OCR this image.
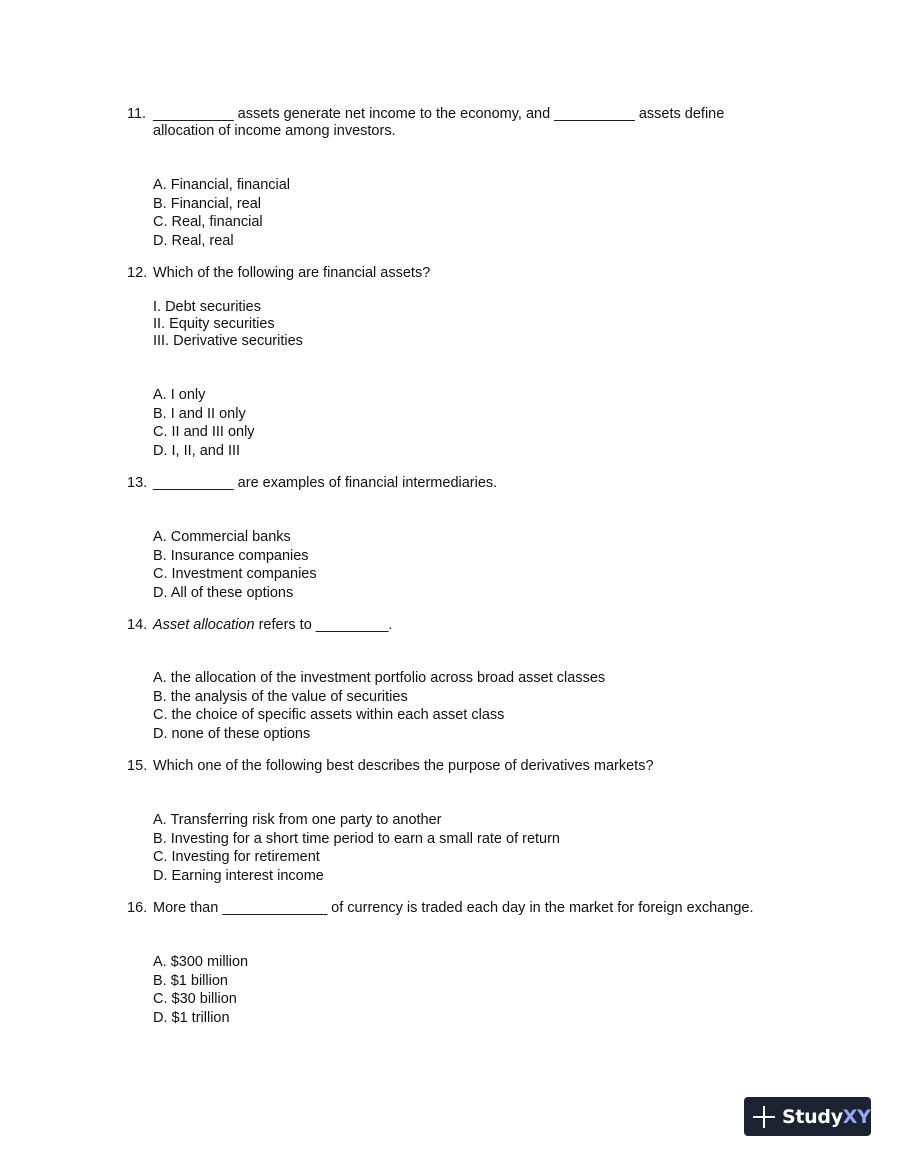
11. __________ assets generate net income to the economy, and __________ assets define allocation of income among investors.
A. Financial, financial
B. Financial, real
C. Real, financial
D. Real, real
12. Which of the following are financial assets?
I. Debt securities
II. Equity securities
III. Derivative securities
A. I only
B. I and II only
C. II and III only
D. I, II, and III
13. __________ are examples of financial intermediaries.
A. Commercial banks
B. Insurance companies
C. Investment companies
D. All of these options
14. Asset allocation refers to _________.
A. the allocation of the investment portfolio across broad asset classes
B. the analysis of the value of securities
C. the choice of specific assets within each asset class
D. none of these options
15. Which one of the following best describes the purpose of derivatives markets?
A. Transferring risk from one party to another
B. Investing for a short time period to earn a small rate of return
C. Investing for retirement
D. Earning interest income
16. More than _____________ of currency is traded each day in the market for foreign exchange.
A. $300 million
B. $1 billion
C. $30 billion
D. $1 trillion
StudyXY
